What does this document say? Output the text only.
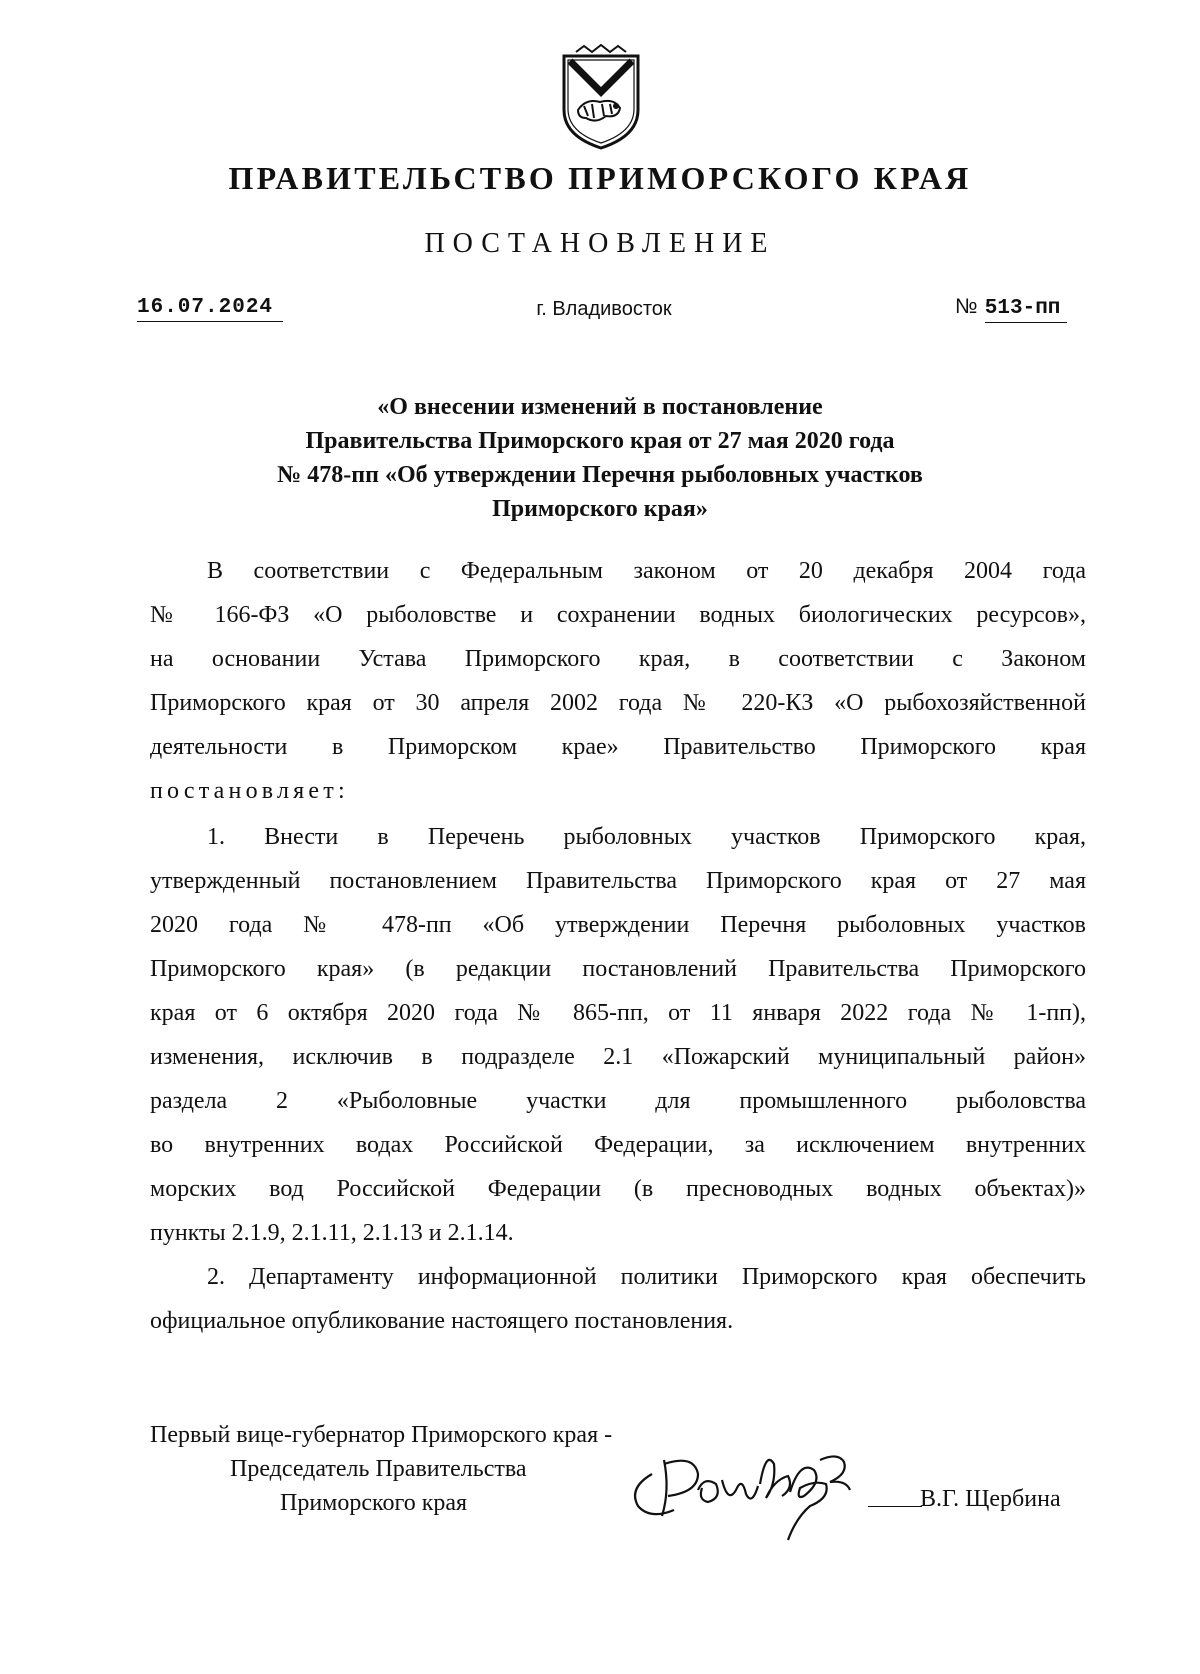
ПРАВИТЕЛЬСТВО ПРИМОРСКОГО КРАЯ
ПОСТАНОВЛЕНИЕ
16.07.2024	г. Владивосток	№ 513-пп
«О внесении изменений в постановление
Правительства Приморского края от 27 мая 2020 года
№ 478-пп «Об утверждении Перечня рыболовных участков
Приморского края»
В соответствии с Федеральным законом от 20 декабря 2004 года
№ 166-ФЗ «О рыболовстве и сохранении водных биологических ресурсов»,
на основании Устава Приморского края, в соответствии с Законом
Приморского края от 30 апреля 2002 года № 220-КЗ «О рыбохозяйственной
деятельности в Приморском крае» Правительство Приморского края
постановляет:
1. Внести в Перечень рыболовных участков Приморского края,
утвержденный постановлением Правительства Приморского края от 27 мая
2020 года № 478-пп «Об утверждении Перечня рыболовных участков
Приморского края» (в редакции постановлений Правительства Приморского
края от 6 октября 2020 года № 865-пп, от 11 января 2022 года № 1-пп),
изменения, исключив в подразделе 2.1 «Пожарский муниципальный район»
раздела 2 «Рыболовные участки для промышленного рыболовства
во внутренних водах Российской Федерации, за исключением внутренних
морских вод Российской Федерации (в пресноводных водных объектах)»
пункты 2.1.9, 2.1.11, 2.1.13 и 2.1.14.
2. Департаменту информационной политики Приморского края обеспечить
официальное опубликование настоящего постановления.
Первый вице-губернатор Приморского края -
Председатель Правительства
Приморского края	В.Г. Щербина
